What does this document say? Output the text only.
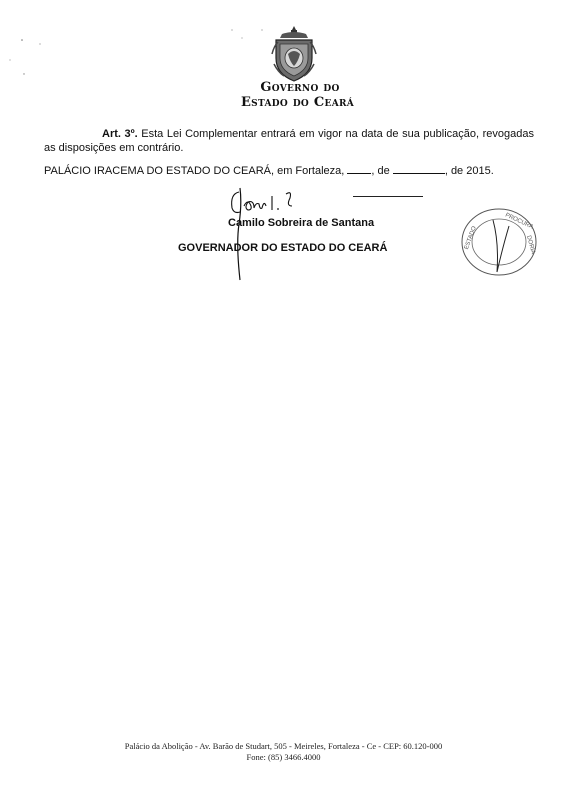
Governo do
Estado do Ceará
Art. 3º. Esta Lei Complementar entrará em vigor na data de sua publicação, revogadas as disposições em contrário.
PALÁCIO IRACEMA DO ESTADO DO CEARÁ, em Fortaleza, , de	, de 2015.
Camilo Sobreira de Santana
GOVERNADOR DO ESTADO DO CEARÁ	ESTADO
PROCURA
DORIA
Palácio da Abolição - Av. Barão de Studart, 505 - Meireles, Fortaleza - Ce - CEP: 60.120-000
Fone: (85) 3466.4000
